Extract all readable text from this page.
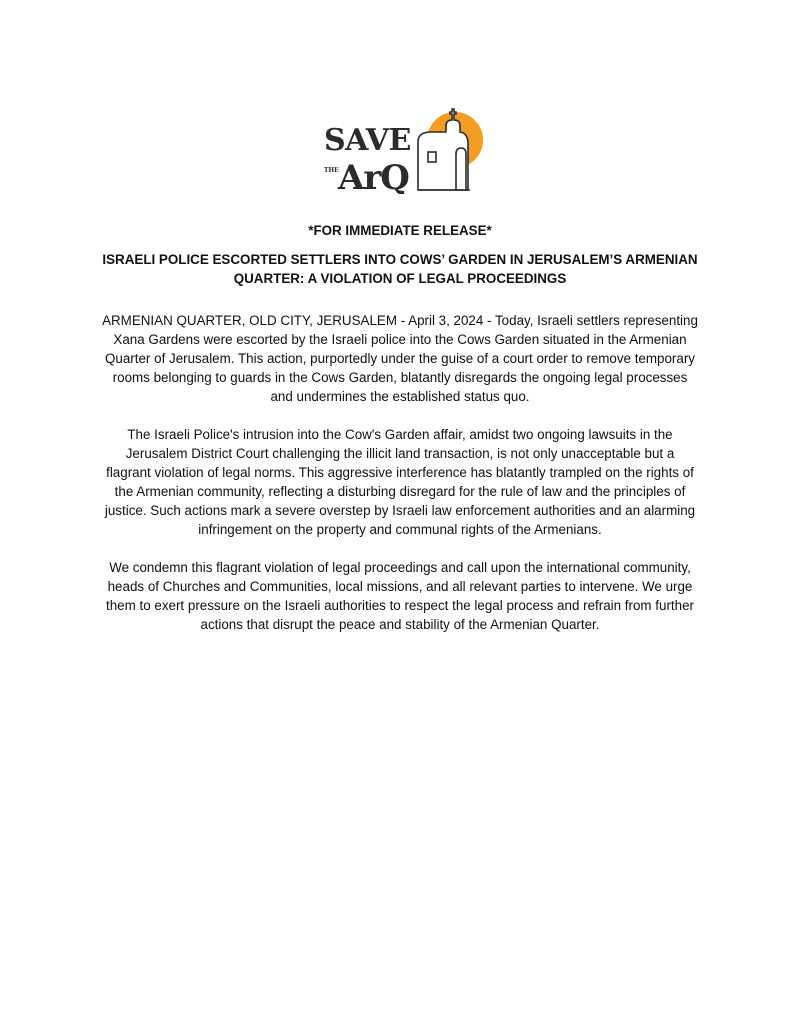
SAVE
THE ArQ
*FOR IMMEDIATE RELEASE*
ISRAELI POLICE ESCORTED SETTLERS INTO COWS’ GARDEN IN JERUSALEM’S ARMENIAN
QUARTER: A VIOLATION OF LEGAL PROCEEDINGS
ARMENIAN QUARTER, OLD CITY, JERUSALEM - April 3, 2024 - Today, Israeli settlers representing
Xana Gardens were escorted by the Israeli police into the Cows Garden situated in the Armenian
Quarter of Jerusalem. This action, purportedly under the guise of a court order to remove temporary
rooms belonging to guards in the Cows Garden, blatantly disregards the ongoing legal processes
and undermines the established status quo.
The Israeli Police's intrusion into the Cow's Garden affair, amidst two ongoing lawsuits in the
Jerusalem District Court challenging the illicit land transaction, is not only unacceptable but a
flagrant violation of legal norms. This aggressive interference has blatantly trampled on the rights of
the Armenian community, reflecting a disturbing disregard for the rule of law and the principles of
justice. Such actions mark a severe overstep by Israeli law enforcement authorities and an alarming
infringement on the property and communal rights of the Armenians.
We condemn this flagrant violation of legal proceedings and call upon the international community,
heads of Churches and Communities, local missions, and all relevant parties to intervene. We urge
them to exert pressure on the Israeli authorities to respect the legal process and refrain from further
actions that disrupt the peace and stability of the Armenian Quarter.
